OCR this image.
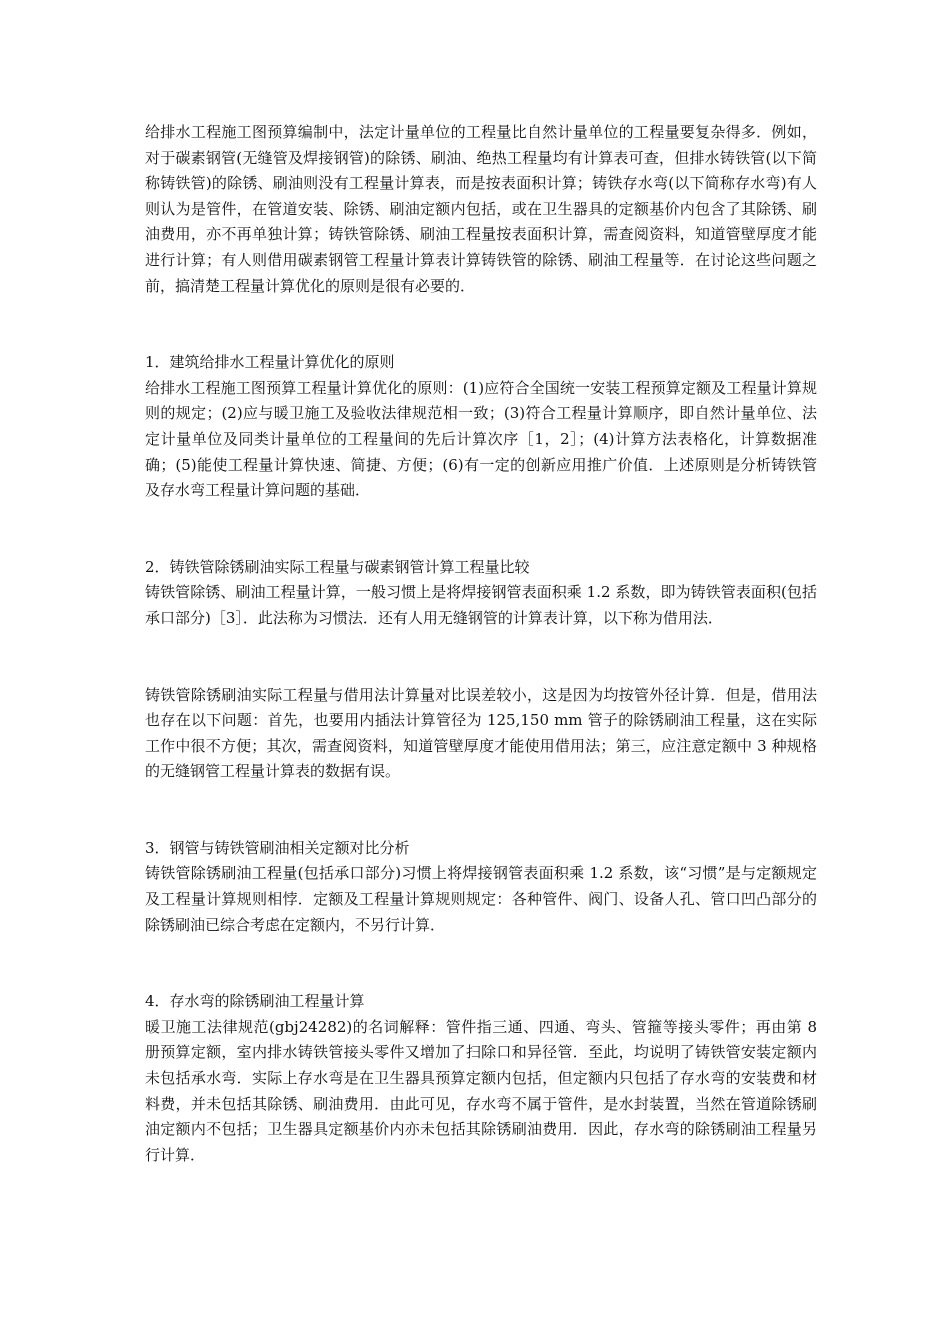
给排水工程施工图预算编制中，法定计量单位的工程量比自然计量单位的工程量要复杂得多．例如，对于碳素钢管(无缝管及焊接钢管)的除锈、刷油、绝热工程量均有计算表可查，但排水铸铁管(以下简称铸铁管)的除锈、刷油则没有工程量计算表，而是按表面积计算；铸铁存水弯(以下简称存水弯)有人则认为是管件，在管道安装、除锈、刷油定额内包括，或在卫生器具的定额基价内包含了其除锈、刷油费用，亦不再单独计算；铸铁管除锈、刷油工程量按表面积计算，需查阅资料，知道管壁厚度才能进行计算；有人则借用碳素钢管工程量计算表计算铸铁管的除锈、刷油工程量等．在讨论这些问题之前，搞清楚工程量计算优化的原则是很有必要的．

1．建筑给排水工程量计算优化的原则

给排水工程施工图预算工程量计算优化的原则：(1)应符合全国统一安装工程预算定额及工程量计算规则的规定；(2)应与暖卫施工及验收法律规范相一致；(3)符合工程量计算顺序，即自然计量单位、法定计量单位及同类计量单位的工程量间的先后计算次序［1，2］；(4)计算方法表格化，计算数据准确；(5)能使工程量计算快速、简捷、方便；(6)有一定的创新应用推广价值．上述原则是分析铸铁管及存水弯工程量计算问题的基础．

2．铸铁管除锈刷油实际工程量与碳素钢管计算工程量比较

铸铁管除锈、刷油工程量计算，一般习惯上是将焊接钢管表面积乘 1.2 系数，即为铸铁管表面积(包括承口部分)［3］．此法称为习惯法．还有人用无缝钢管的计算表计算，以下称为借用法．

铸铁管除锈刷油实际工程量与借用法计算量对比误差较小，这是因为均按管外径计算．但是，借用法也存在以下问题：首先，也要用内插法计算管径为 125,150 mm 管子的除锈刷油工程量，这在实际工作中很不方便；其次，需查阅资料，知道管壁厚度才能使用借用法；第三，应注意定额中 3 种规格的无缝钢管工程量计算表的数据有误。

3．钢管与铸铁管刷油相关定额对比分析

铸铁管除锈刷油工程量(包括承口部分)习惯上将焊接钢管表面积乘 1.2 系数，该“习惯”是与定额规定及工程量计算规则相悖．定额及工程量计算规则规定：各种管件、阀门、设备人孔、管口凹凸部分的除锈刷油已综合考虑在定额内，不另行计算．

4．存水弯的除锈刷油工程量计算

暖卫施工法律规范(gbj24282)的名词解释：管件指三通、四通、弯头、管箍等接头零件；再由第 8 册预算定额，室内排水铸铁管接头零件又增加了扫除口和异径管．至此，均说明了铸铁管安装定额内未包括承水弯．实际上存水弯是在卫生器具预算定额内包括，但定额内只包括了存水弯的安装费和材料费，并未包括其除锈、刷油费用．由此可见，存水弯不属于管件，是水封装置，当然在管道除锈刷油定额内不包括；卫生器具定额基价内亦未包括其除锈刷油费用．因此，存水弯的除锈刷油工程量另行计算．
